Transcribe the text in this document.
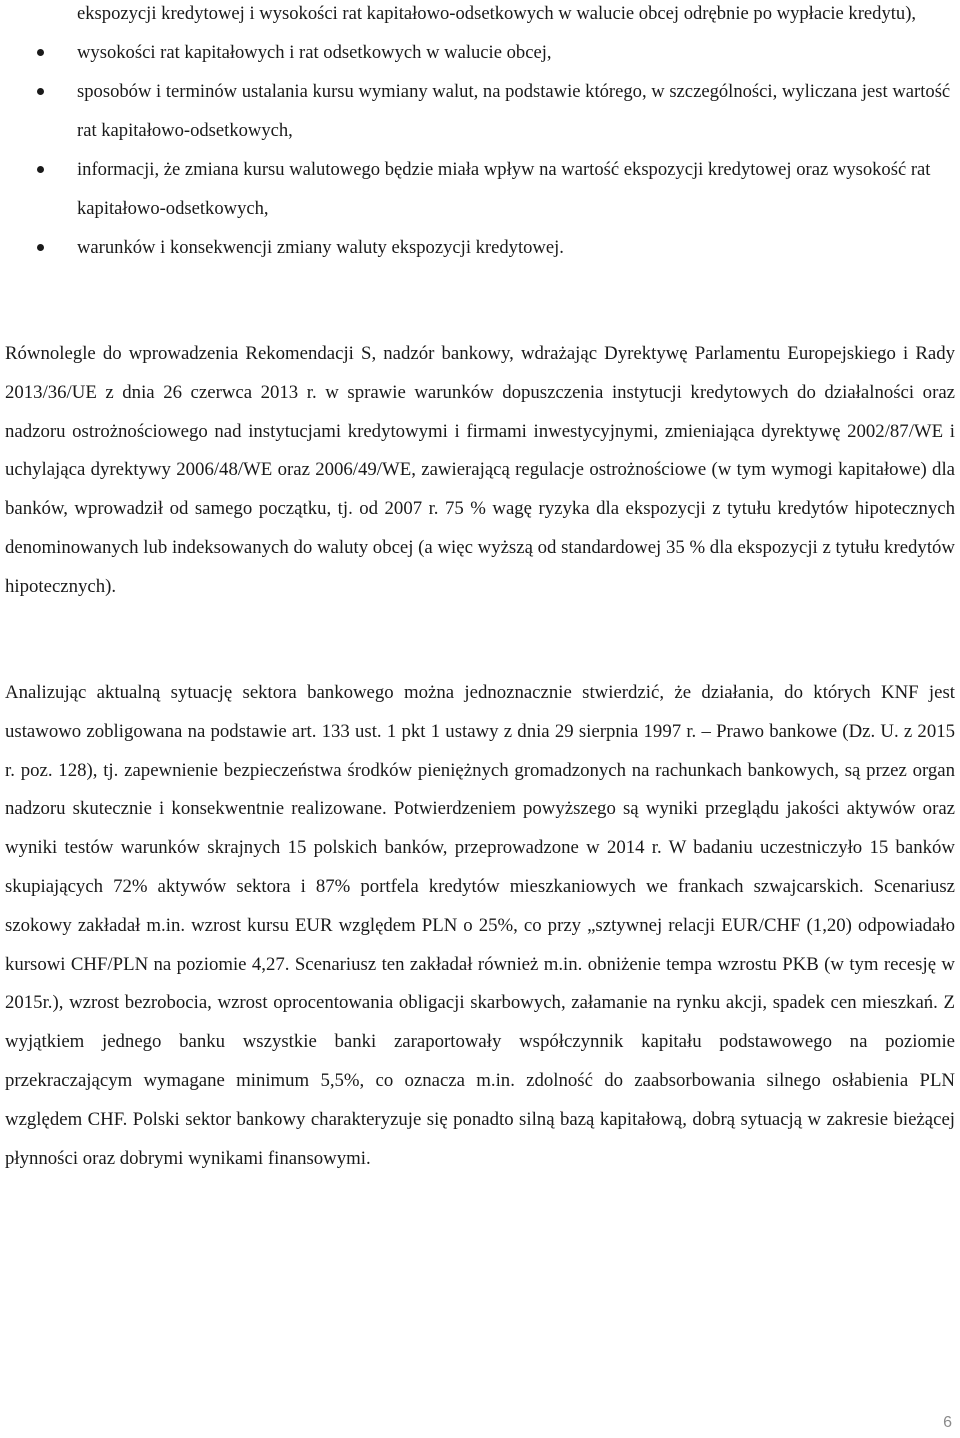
ekspozycji kredytowej i wysokości rat kapitałowo-odsetkowych w walucie obcej odrębnie po wypłacie kredytu),
wysokości rat kapitałowych i rat odsetkowych w walucie obcej,
sposobów i terminów ustalania kursu wymiany walut, na podstawie którego, w szczególności, wyliczana jest wartość rat kapitałowo-odsetkowych,
informacji, że zmiana kursu walutowego będzie miała wpływ na wartość ekspozycji kredytowej oraz wysokość rat kapitałowo-odsetkowych,
warunków i konsekwencji zmiany waluty ekspozycji kredytowej.

Równolegle do wprowadzenia Rekomendacji S, nadzór bankowy, wdrażając Dyrektywę Parlamentu Europejskiego i Rady 2013/36/UE z dnia 26 czerwca 2013 r. w sprawie warunków dopuszczenia instytucji kredytowych do działalności oraz nadzoru ostrożnościowego nad instytucjami kredytowymi i firmami inwestycyjnymi, zmieniająca dyrektywę 2002/87/WE i uchylająca dyrektywy 2006/48/WE oraz 2006/49/WE, zawierającą regulacje ostrożnościowe (w tym wymogi kapitałowe) dla banków, wprowadził od samego początku, tj. od 2007 r. 75 % wagę ryzyka dla ekspozycji z tytułu kredytów hipotecznych denominowanych lub indeksowanych do waluty obcej (a więc wyższą od standardowej 35 % dla ekspozycji z tytułu kredytów hipotecznych).

Analizując aktualną sytuację sektora bankowego można jednoznacznie stwierdzić, że działania, do których KNF jest ustawowo zobligowana na podstawie art. 133 ust. 1 pkt 1 ustawy z dnia 29 sierpnia 1997 r. – Prawo bankowe (Dz. U. z 2015 r. poz. 128), tj. zapewnienie bezpieczeństwa środków pieniężnych gromadzonych na rachunkach bankowych, są przez organ nadzoru skutecznie i konsekwentnie realizowane. Potwierdzeniem powyższego są wyniki przeglądu jakości aktywów oraz wyniki testów warunków skrajnych 15 polskich banków, przeprowadzone w 2014 r. W badaniu uczestniczyło 15 banków skupiających 72% aktywów sektora i 87% portfela kredytów mieszkaniowych we frankach szwajcarskich. Scenariusz szokowy zakładał m.in. wzrost kursu EUR względem PLN o 25%, co przy „sztywnej relacji EUR/CHF (1,20) odpowiadało kursowi CHF/PLN na poziomie 4,27. Scenariusz ten zakładał również m.in. obniżenie tempa wzrostu PKB (w tym recesję w 2015r.), wzrost bezrobocia, wzrost oprocentowania obligacji skarbowych, załamanie na rynku akcji, spadek cen mieszkań. Z wyjątkiem jednego banku wszystkie banki zaraportowały współczynnik kapitału podstawowego na poziomie przekraczającym wymagane minimum 5,5%, co oznacza m.in. zdolność do zaabsorbowania silnego osłabienia PLN względem CHF. Polski sektor bankowy charakteryzuje się ponadto silną bazą kapitałową, dobrą sytuacją w zakresie bieżącej płynności oraz dobrymi wynikami finansowymi.

6
